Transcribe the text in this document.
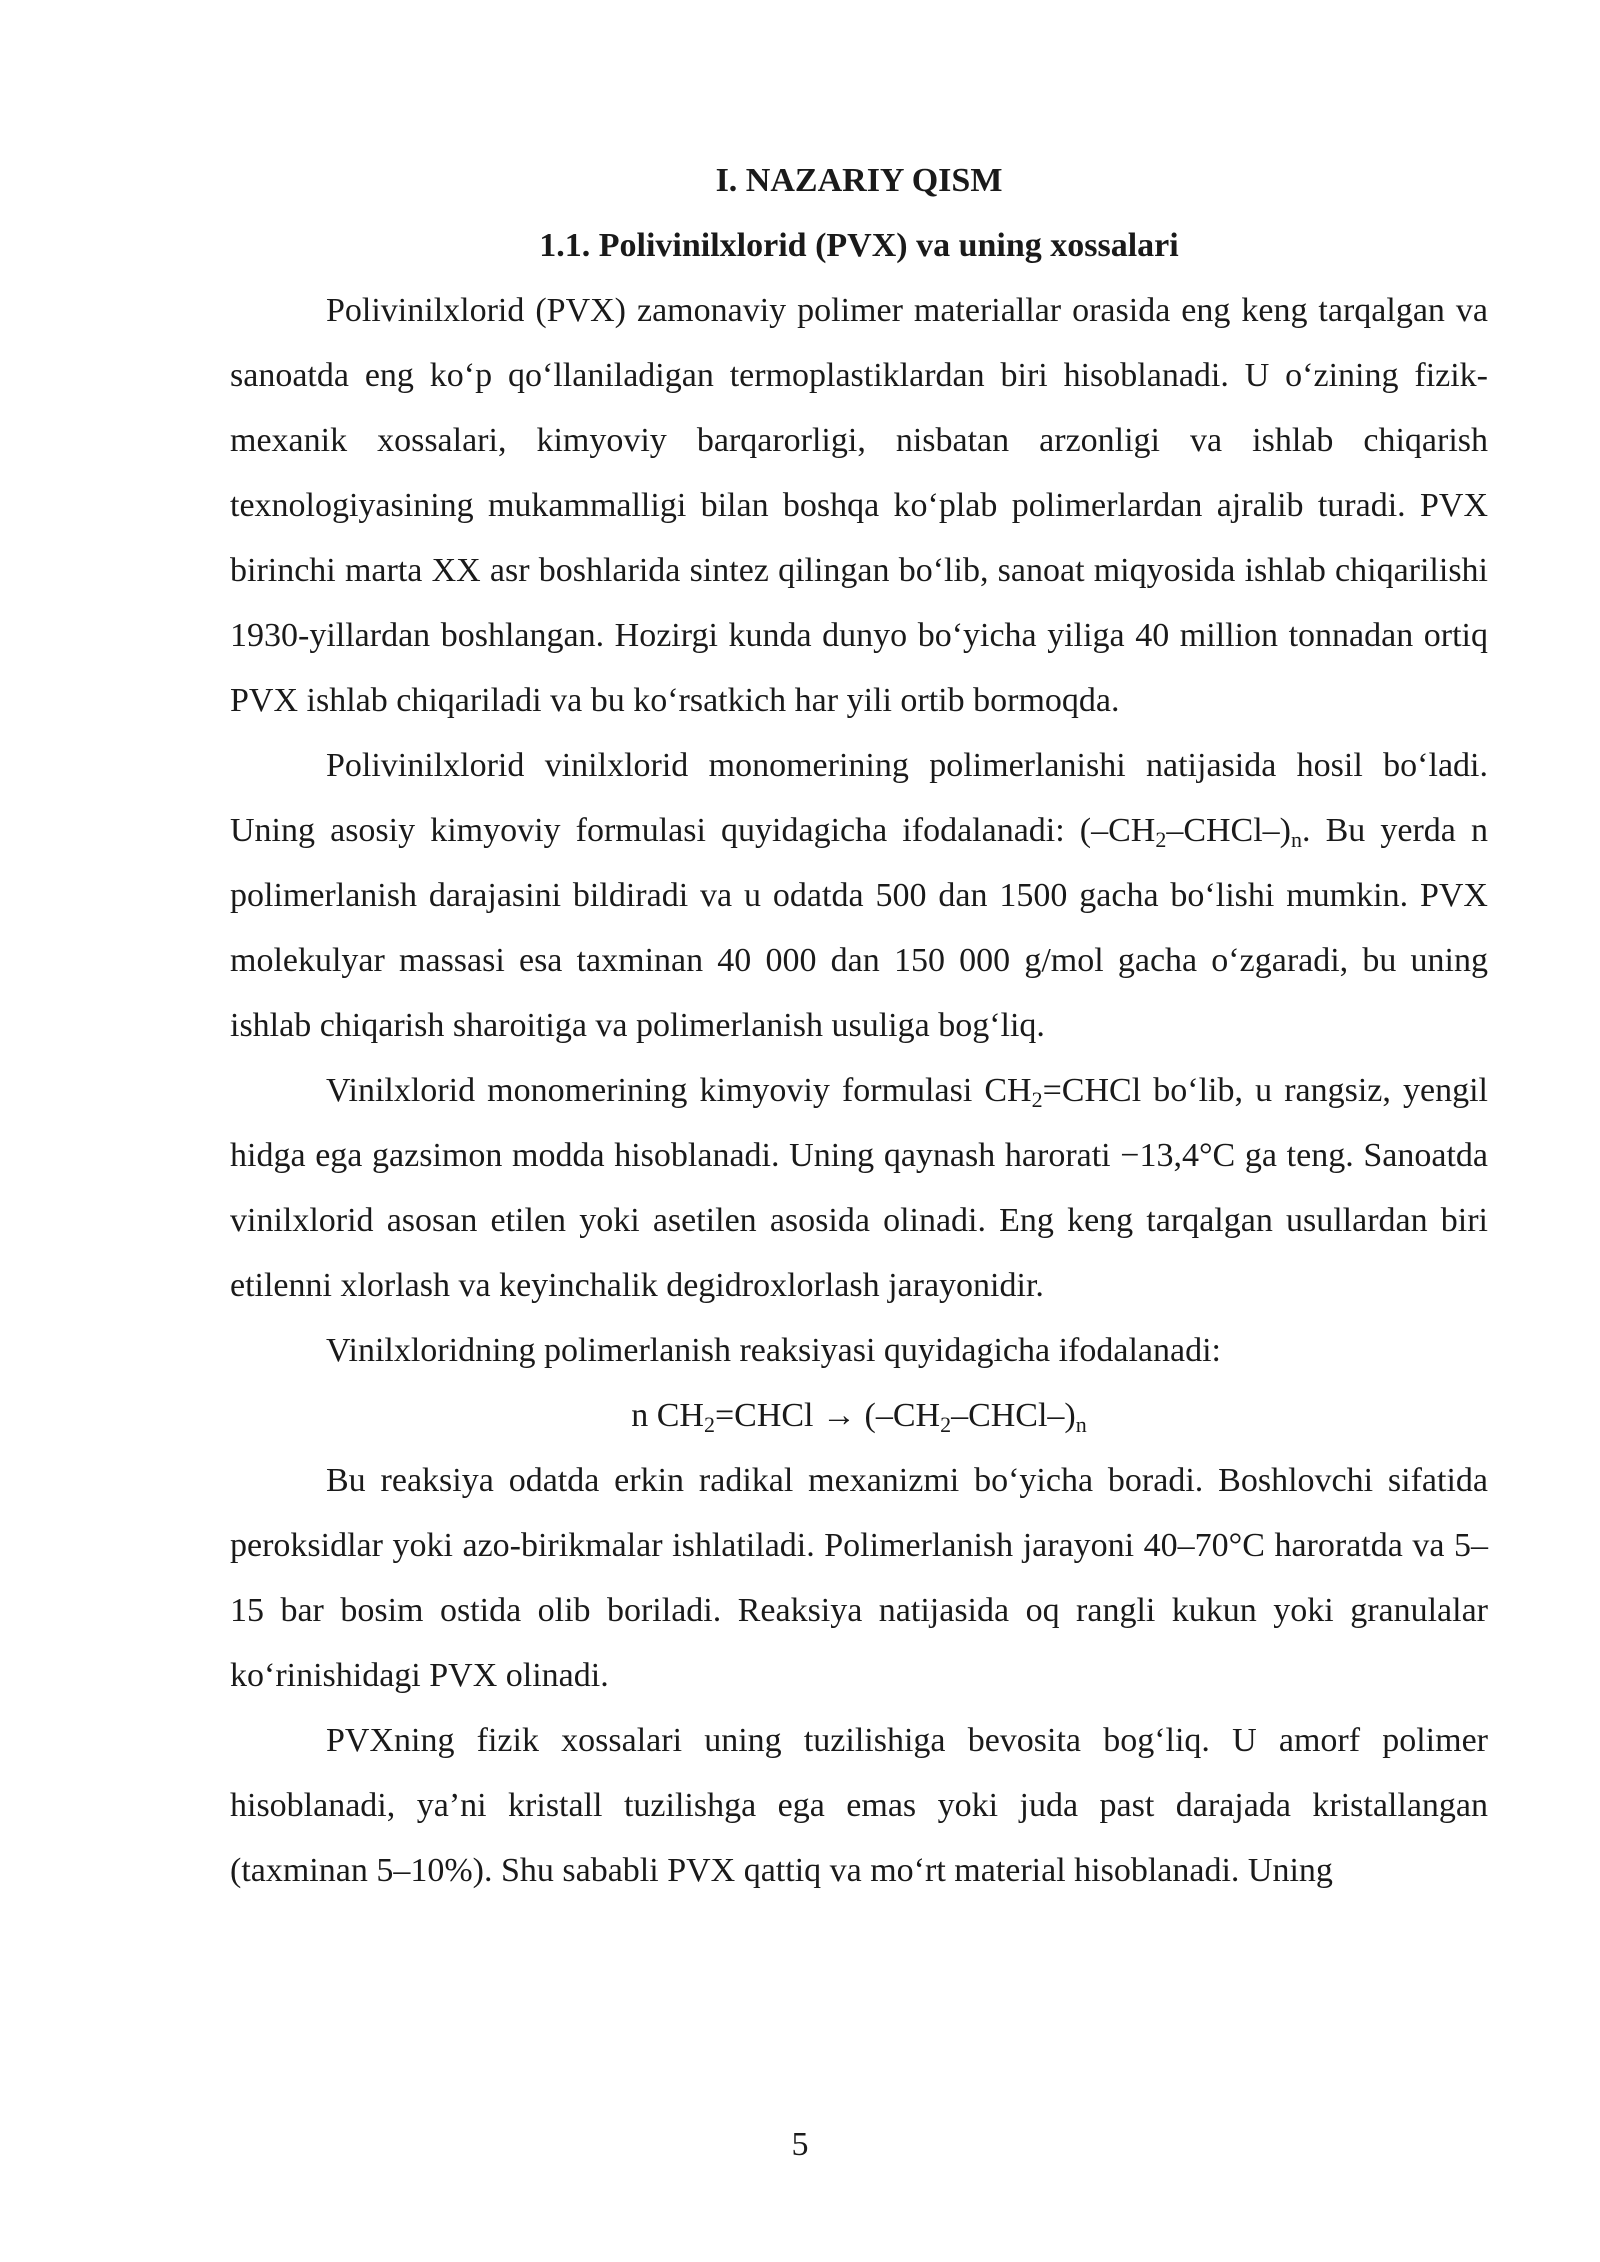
I. NAZARIY QISM

1.1. Polivinilxlorid (PVX) va uning xossalari

Polivinilxlorid (PVX) zamonaviy polimer materiallar orasida eng keng tarqalgan va sanoatda eng ko‘p qo‘llaniladigan termoplastiklardan biri hisoblanadi. U o‘zining fizik-mexanik xossalari, kimyoviy barqarorligi, nisbatan arzonligi va ishlab chiqarish texnologiyasining mukammalligi bilan boshqa ko‘plab polimerlardan ajralib turadi. PVX birinchi marta XX asr boshlarida sintez qilingan bo‘lib, sanoat miqyosida ishlab chiqarilishi 1930-yillardan boshlangan. Hozirgi kunda dunyo bo‘yicha yiliga 40 million tonnadan ortiq PVX ishlab chiqariladi va bu ko‘rsatkich har yili ortib bormoqda.

Polivinilxlorid vinilxlorid monomerining polimerlanishi natijasida hosil bo‘ladi. Uning asosiy kimyoviy formulasi quyidagicha ifodalanadi: $(-CH_2-CHCl-)_n$. Bu yerda n polimerlanish darajasini bildiradi va u odatda 500 dan 1500 gacha bo‘lishi mumkin. PVX molekulyar massasi esa taxminan 40 000 dan 150 000 g/mol gacha o‘zgaradi, bu uning ishlab chiqarish sharoitiga va polimerlanish usuliga bog‘liq.

Vinilxlorid monomerining kimyoviy formulasi $CH_2=CHCl$ bo‘lib, u rangsiz, yengil hidga ega gazsimon modda hisoblanadi. Uning qaynash harorati −13,4°C ga teng. Sanoatda vinilxlorid asosan etilen yoki asetilen asosida olinadi. Eng keng tarqalgan usullardan biri etilenni xlorlash va keyinchalik degidroxlorlash jarayonidir.

Vinilxloridning polimerlanish reaksiyasi quyidagicha ifodalanadi:

n $CH_2=CHCl$ → $(-CH_2-CHCl-)_n$

Bu reaksiya odatda erkin radikal mexanizmi bo‘yicha boradi. Boshlovchi sifatida peroksidlar yoki azo-birikmalar ishlatiladi. Polimerlanish jarayoni 40–70°C haroratda va 5–15 bar bosim ostida olib boriladi. Reaksiya natijasida oq rangli kukun yoki granulalar ko‘rinishidagi PVX olinadi.

PVXning fizik xossalari uning tuzilishiga bevosita bog‘liq. U amorf polimer hisoblanadi, ya’ni kristall tuzilishga ega emas yoki juda past darajada kristallangan (taxminan 5–10%). Shu sababli PVX qattiq va mo‘rt material hisoblanadi. Uning

5
